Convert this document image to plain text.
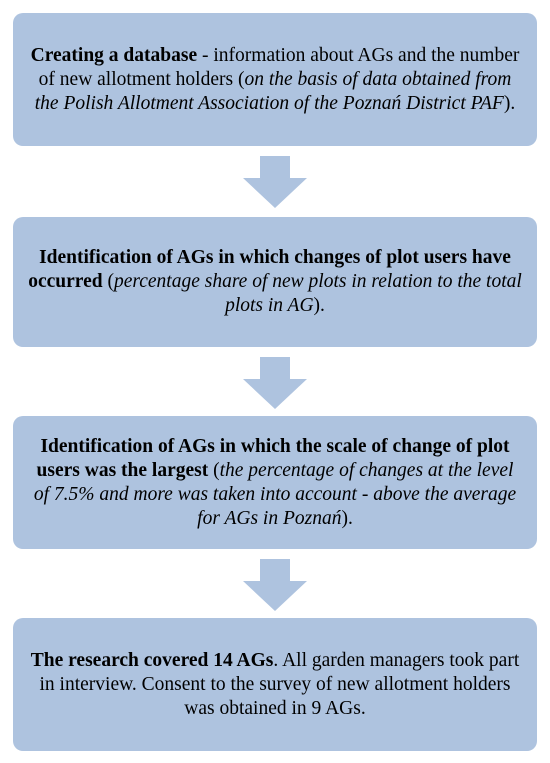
Creating a database - information about AGs and the number of new allotment holders (on the basis of data obtained from the Polish Allotment Association of the Poznań District PAF).

Identification of AGs in which changes of plot users have occurred (percentage share of new plots in relation to the total plots in AG).

Identification of AGs in which the scale of change of plot users was the largest (the percentage of changes at the level of 7.5% and more was taken into account - above the average for AGs in Poznań).

The research covered 14 AGs. All garden managers took part in interview. Consent to the survey of new allotment holders was obtained in 9 AGs.
